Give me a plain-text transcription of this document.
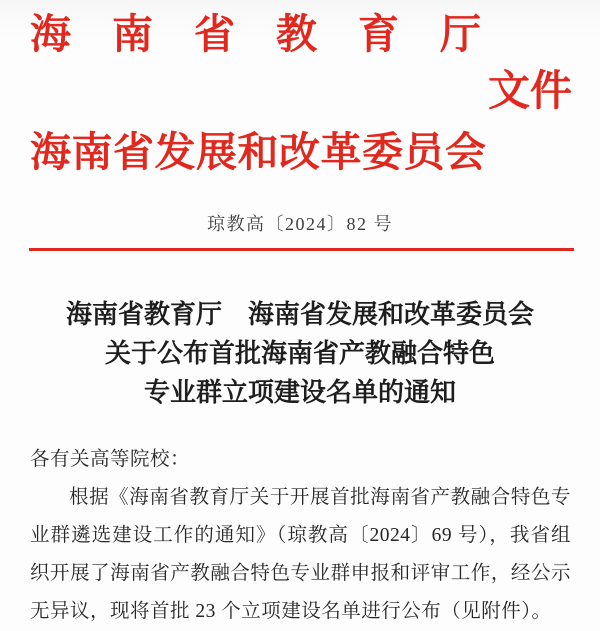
海南省教育厅
海南省发展和改革委员会
文件
琼教高〔2024〕82 号
海南省教育厅　海南省发展和改革委员会
关于公布首批海南省产教融合特色
专业群立项建设名单的通知
各有关高等院校：

根据《海南省教育厅关于开展首批海南省产教融合特色专业群遴选建设工作的通知》（琼教高〔2024〕69 号），我省组织开展了海南省产教融合特色专业群申报和评审工作，经公示无异议，现将首批 23 个立项建设名单进行公布（见附件）。
